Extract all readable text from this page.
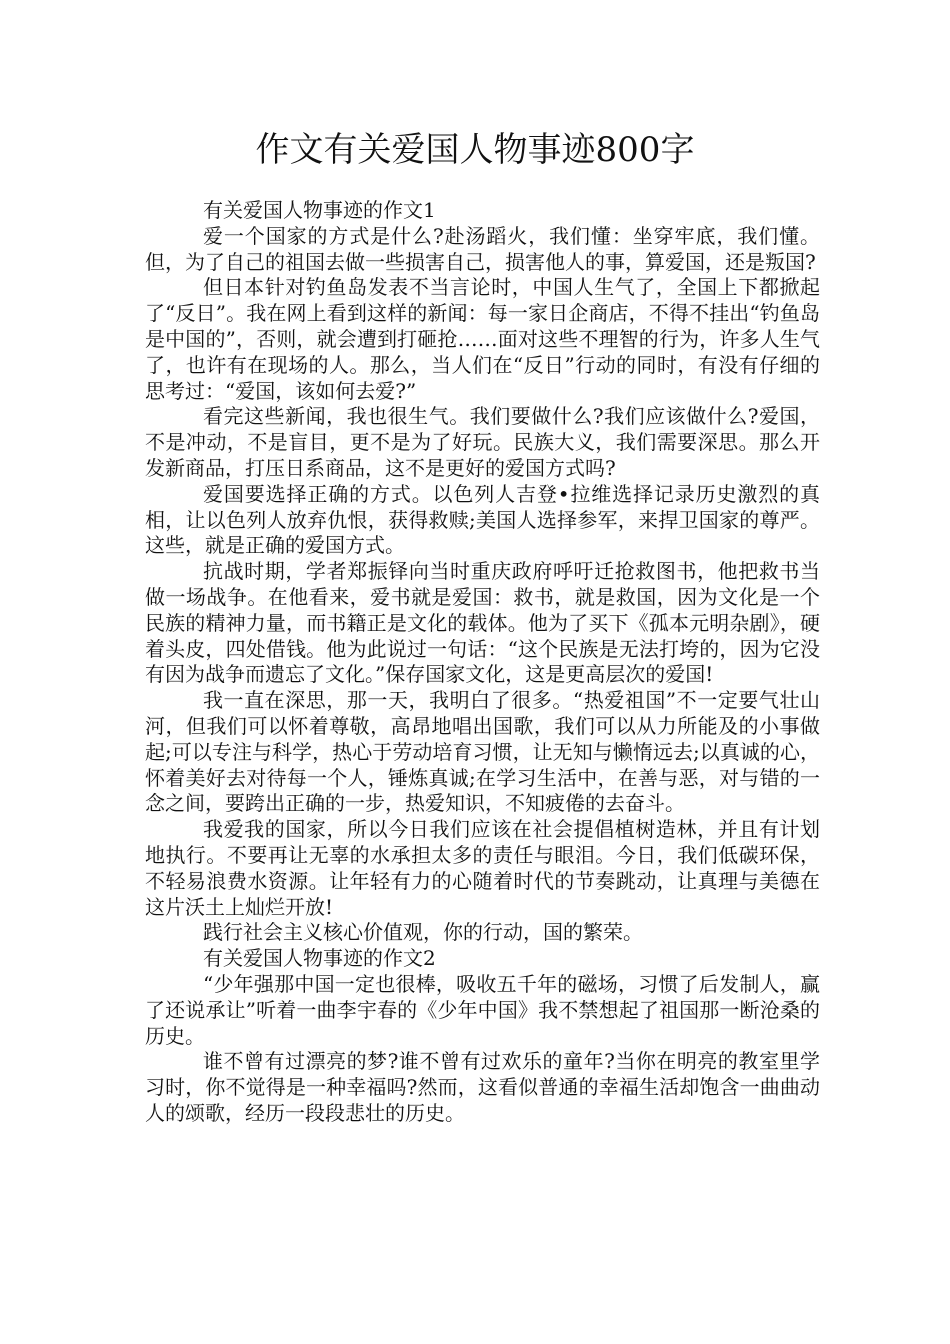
作文有关爱国人物事迹800字

有关爱国人物事迹的作文1

爱一个国家的方式是什么?赴汤蹈火，我们懂：坐穿牢底，我们懂。但，为了自己的祖国去做一些损害自己，损害他人的事，算爱国，还是叛国?

但日本针对钓鱼岛发表不当言论时，中国人生气了，全国上下都掀起了“反日”。我在网上看到这样的新闻：每一家日企商店，不得不挂出“钓鱼岛是中国的”，否则，就会遭到打砸抢……面对这些不理智的行为，许多人生气了，也许有在现场的人。那么，当人们在“反日”行动的同时，有没有仔细的思考过：“爱国，该如何去爱?”

看完这些新闻，我也很生气。我们要做什么?我们应该做什么?爱国，不是冲动，不是盲目，更不是为了好玩。民族大义，我们需要深思。那么开发新商品，打压日系商品，这不是更好的爱国方式吗?

爱国要选择正确的方式。以色列人吉登•拉维选择记录历史激烈的真相，让以色列人放弃仇恨，获得救赎;美国人选择参军，来捍卫国家的尊严。这些，就是正确的爱国方式。

抗战时期，学者郑振铎向当时重庆政府呼吁迁抢救图书，他把救书当做一场战争。在他看来，爱书就是爱国：救书，就是救国，因为文化是一个民族的精神力量，而书籍正是文化的载体。他为了买下《孤本元明杂剧》，硬着头皮，四处借钱。他为此说过一句话：“这个民族是无法打垮的，因为它没有因为战争而遗忘了文化。”保存国家文化，这是更高层次的爱国!

我一直在深思，那一天，我明白了很多。“热爱祖国”不一定要气壮山河，但我们可以怀着尊敬，高昂地唱出国歌，我们可以从力所能及的小事做起;可以专注与科学，热心于劳动培育习惯，让无知与懒惰远去;以真诚的心，怀着美好去对待每一个人，锤炼真诚;在学习生活中，在善与恶，对与错的一念之间，要跨出正确的一步，热爱知识，不知疲倦的去奋斗。

我爱我的国家，所以今日我们应该在社会提倡植树造林，并且有计划地执行。不要再让无辜的水承担太多的责任与眼泪。今日，我们低碳环保，不轻易浪费水资源。让年轻有力的心随着时代的节奏跳动，让真理与美德在这片沃土上灿烂开放!

践行社会主义核心价值观，你的行动，国的繁荣。

有关爱国人物事迹的作文2

“少年强那中国一定也很棒，吸收五千年的磁场，习惯了后发制人，赢了还说承让”听着一曲李宇春的《少年中国》我不禁想起了祖国那一断沧桑的历史。

谁不曾有过漂亮的梦?谁不曾有过欢乐的童年?当你在明亮的教室里学习时，你不觉得是一种幸福吗?然而，这看似普通的幸福生活却饱含一曲曲动人的颂歌，经历一段段悲壮的历史。
